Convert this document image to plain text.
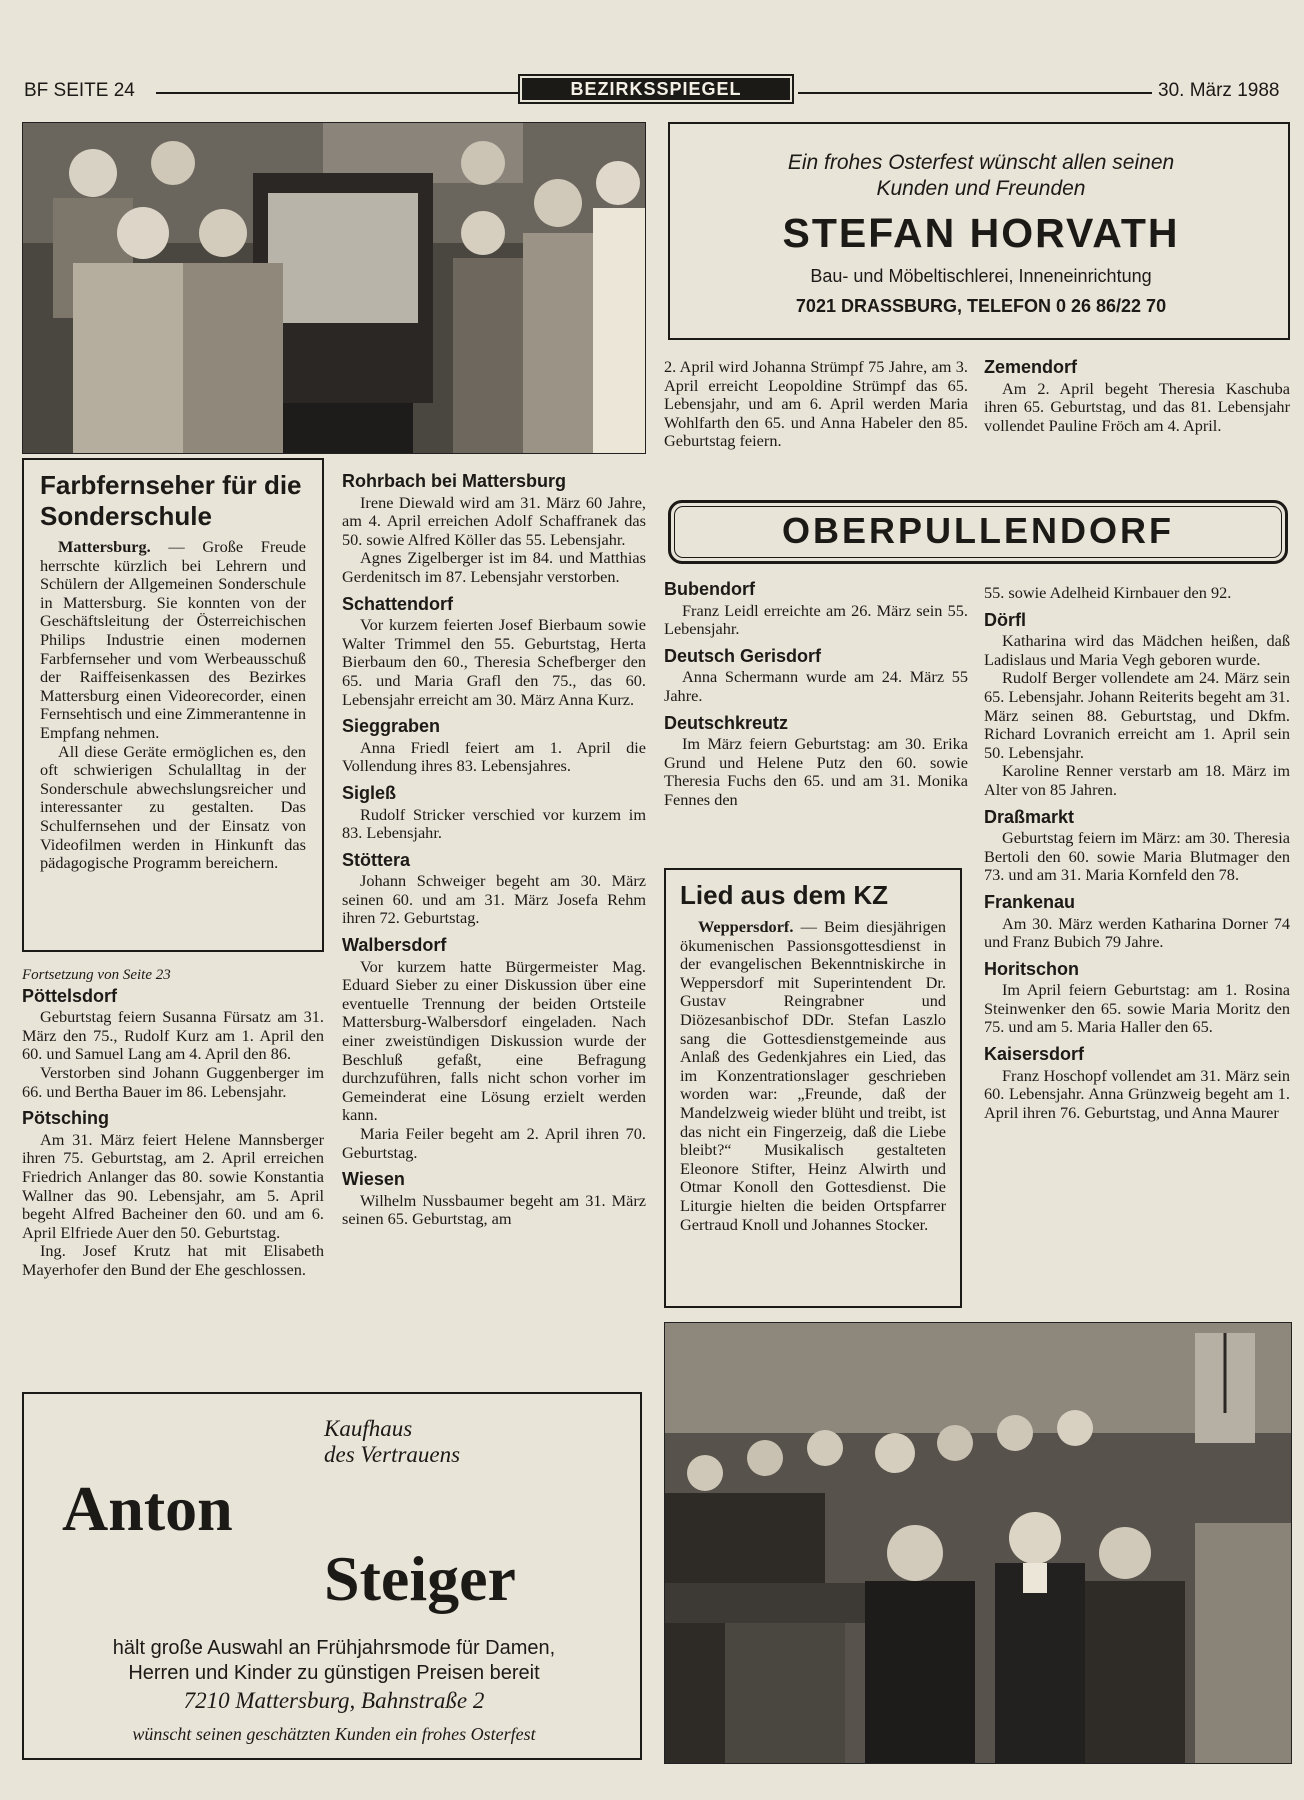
BF SEITE 24	BEZIRKSSPIEGEL	30. März 1988
Ein frohes Osterfest wünscht allen seinen
Kunden und Freunden
STEFAN HORVATH
Bau- und Möbeltischlerei, Inneneinrichtung
7021 DRASSBURG, TELEFON 0 26 86/22 70
Farbfernseher für die Sonderschule

Mattersburg. — Große Freude herrschte kürzlich bei Lehrern und Schülern der Allgemeinen Sonderschule in Mattersburg. Sie konnten von der Geschäftsleitung der Österreichischen Philips Industrie einen modernen Farbfernseher und vom Werbeausschuß der Raiffeisenkassen des Bezirkes Mattersburg einen Videorecorder, einen Fernsehtisch und eine Zimmerantenne in Empfang nehmen.

All diese Geräte ermöglichen es, den oft schwierigen Schulalltag in der Sonderschule abwechslungsreicher und interessanter zu gestalten. Das Schulfernsehen und der Einsatz von Videofilmen werden in Hinkunft das pädagogische Programm bereichern.

Fortsetzung von Seite 23
Pöttelsdorf

Geburtstag feiern Susanna Fürsatz am 31. März den 75., Rudolf Kurz am 1. April den 60. und Samuel Lang am 4. April den 86.

Verstorben sind Johann Guggenberger im 66. und Bertha Bauer im 86. Lebensjahr.

Pötsching

Am 31. März feiert Helene Mannsberger ihren 75. Geburtstag, am 2. April erreichen Friedrich Anlanger das 80. sowie Konstantia Wallner das 90. Lebensjahr, am 5. April begeht Alfred Bacheiner den 60. und am 6. April Elfriede Auer den 50. Geburtstag.

Ing. Josef Krutz hat mit Elisabeth Mayerhofer den Bund der Ehe geschlossen.

Rohrbach bei Mattersburg

Irene Diewald wird am 31. März 60 Jahre, am 4. April erreichen Adolf Schaffranek das 50. sowie Alfred Köller das 55. Lebensjahr.

Agnes Zigelberger ist im 84. und Matthias Gerdenitsch im 87. Lebensjahr verstorben.

Schattendorf

Vor kurzem feierten Josef Bierbaum sowie Walter Trimmel den 55. Geburtstag, Herta Bierbaum den 60., Theresia Schefberger den 65. und Maria Grafl den 75., das 60. Lebensjahr erreicht am 30. März Anna Kurz.

Sieggraben

Anna Friedl feiert am 1. April die Vollendung ihres 83. Lebensjahres.

Sigleß

Rudolf Stricker verschied vor kurzem im 83. Lebensjahr.

Stöttera

Johann Schweiger begeht am 30. März seinen 60. und am 31. März Josefa Rehm ihren 72. Geburtstag.

Walbersdorf

Vor kurzem hatte Bürgermeister Mag. Eduard Sieber zu einer Diskussion über eine eventuelle Trennung der beiden Ortsteile Mattersburg-Walbersdorf eingeladen. Nach einer zweistündigen Diskussion wurde der Beschluß gefaßt, eine Befragung durchzuführen, falls nicht schon vorher im Gemeinderat eine Lösung erzielt werden kann.

Maria Feiler begeht am 2. April ihren 70. Geburtstag.

Wiesen

Wilhelm Nussbaumer begeht am 31. März seinen 65. Geburtstag, am

2. April wird Johanna Strümpf 75 Jahre, am 3. April erreicht Leopoldine Strümpf das 65. Lebensjahr, und am 6. April werden Maria Wohlfarth den 65. und Anna Habeler den 85. Geburtstag feiern.

Zemendorf

Am 2. April begeht Theresia Kaschuba ihren 65. Geburtstag, und das 81. Lebensjahr vollendet Pauline Fröch am 4. April.

OBERPULLENDORF
Bubendorf

Franz Leidl erreichte am 26. März sein 55. Lebensjahr.

Deutsch Gerisdorf

Anna Schermann wurde am 24. März 55 Jahre.

Deutschkreutz

Im März feiern Geburtstag: am 30. Erika Grund und Helene Putz den 60. sowie Theresia Fuchs den 65. und am 31. Monika Fennes den

Lied aus dem KZ

Weppersdorf. — Beim diesjährigen ökumenischen Passionsgottesdienst in der evangelischen Bekenntniskirche in Weppersdorf mit Superintendent Dr. Gustav Reingrabner und Diözesanbischof DDr. Stefan Laszlo sang die Gottesdienstgemeinde aus Anlaß des Gedenkjahres ein Lied, das im Konzentrationslager geschrieben worden war: „Freunde, daß der Mandelzweig wieder blüht und treibt, ist das nicht ein Fingerzeig, daß die Liebe bleibt?“ Musikalisch gestalteten Eleonore Stifter, Heinz Alwirth und Otmar Konoll den Gottesdienst. Die Liturgie hielten die beiden Ortspfarrer Gertraud Knoll und Johannes Stocker.

55. sowie Adelheid Kirnbauer den 92.

Dörfl

Katharina wird das Mädchen heißen, daß Ladislaus und Maria Vegh geboren wurde.

Rudolf Berger vollendete am 24. März sein 65. Lebensjahr. Johann Reiterits begeht am 31. März seinen 88. Geburtstag, und Dkfm. Richard Lovranich erreicht am 1. April sein 50. Lebensjahr.

Karoline Renner verstarb am 18. März im Alter von 85 Jahren.

Draßmarkt

Geburtstag feiern im März: am 30. Theresia Bertoli den 60. sowie Maria Blutmager den 73. und am 31. Maria Kornfeld den 78.

Frankenau

Am 30. März werden Katharina Dorner 74 und Franz Bubich 79 Jahre.

Horitschon

Im April feiern Geburtstag: am 1. Rosina Steinwenker den 65. sowie Maria Moritz den 75. und am 5. Maria Haller den 65.

Kaisersdorf

Franz Hoschopf vollendet am 31. März sein 60. Lebensjahr. Anna Grünzweig begeht am 1. April ihren 76. Geburtstag, und Anna Maurer

Kaufhaus
des Vertrauens
Anton
Steiger
hält große Auswahl an Frühjahrsmode für Damen,
Herren und Kinder zu günstigen Preisen bereit
7210 Mattersburg, Bahnstraße 2
wünscht seinen geschätzten Kunden ein frohes Osterfest
